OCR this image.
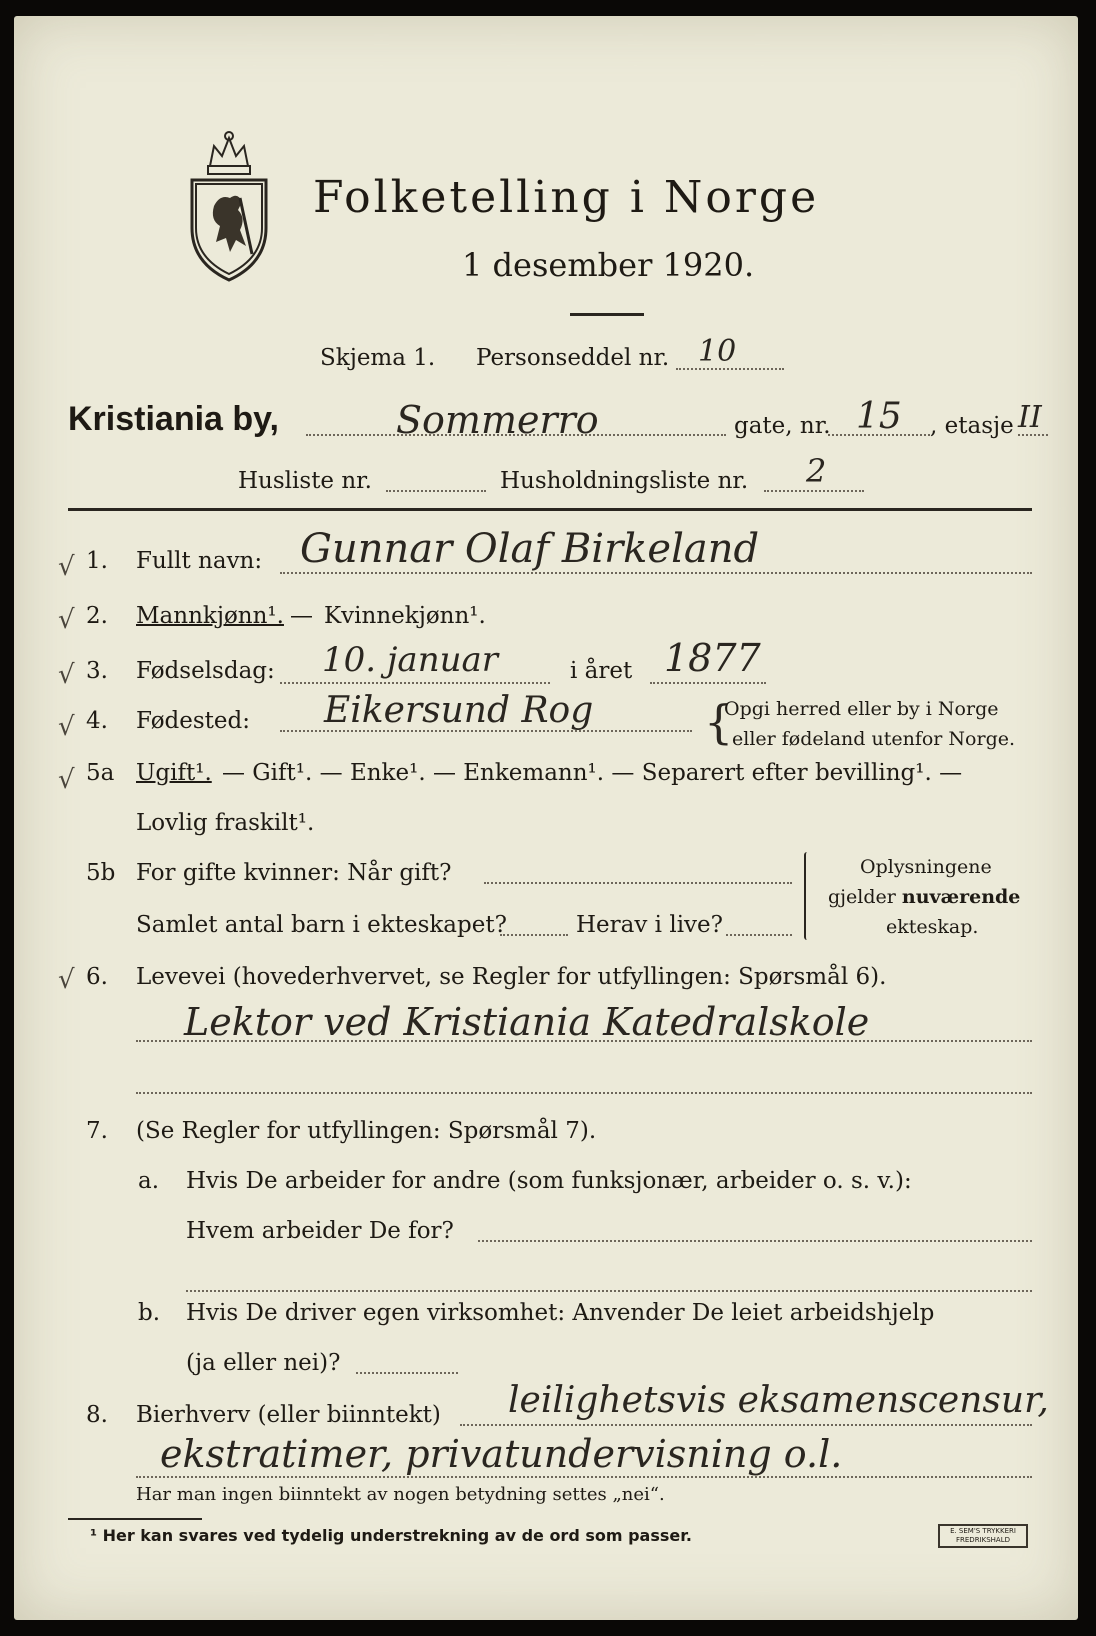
Folketelling i Norge
1 desember 1920.
Skjema 1. Personseddel nr. 10
Kristiania by,	Sommerro	gate, nr. 15 , etasje II
Husliste nr.	Husholdningsliste nr. 2
√
√
√
√
√
√
1. Fullt navn: Gunnar Olaf Birkeland
2. Mannkjønn¹. — Kvinnekjønn¹.
3. Fødselsdag: 10. januar	i året 1877
4. Fødested: Eikersund Rog {
Opgi herred eller by i Norge
eller fødeland utenfor Norge.
5a Ugift¹. — Gift¹. — Enke¹. — Enkemann¹. — Separert efter bevilling¹. —
Lovlig fraskilt¹.
5b For gifte kvinner: Når gift?
Samlet antal barn i ekteskapet?	Herav i live?
Oplysningene
gjelder nuværende
ekteskap.
6. Levevei (hovederhvervet, se Regler for utfyllingen: Spørsmål 6).
Lektor ved Kristiania Katedralskole
7. (Se Regler for utfyllingen: Spørsmål 7).
a. Hvis De arbeider for andre (som funksjonær, arbeider o. s. v.):
Hvem arbeider De for?
b. Hvis De driver egen virksomhet: Anvender De leiet arbeidshjelp
(ja eller nei)?
8. Bierhverv (eller biinntekt) leilighetsvis eksamenscensur,
ekstratimer, privatundervisning o.l.
Har man ingen biinntekt av nogen betydning settes „nei“.
¹ Her kan svares ved tydelig understrekning av de ord som passer.	E. SEM'S TRYKKERI
FREDRIKSHALD
